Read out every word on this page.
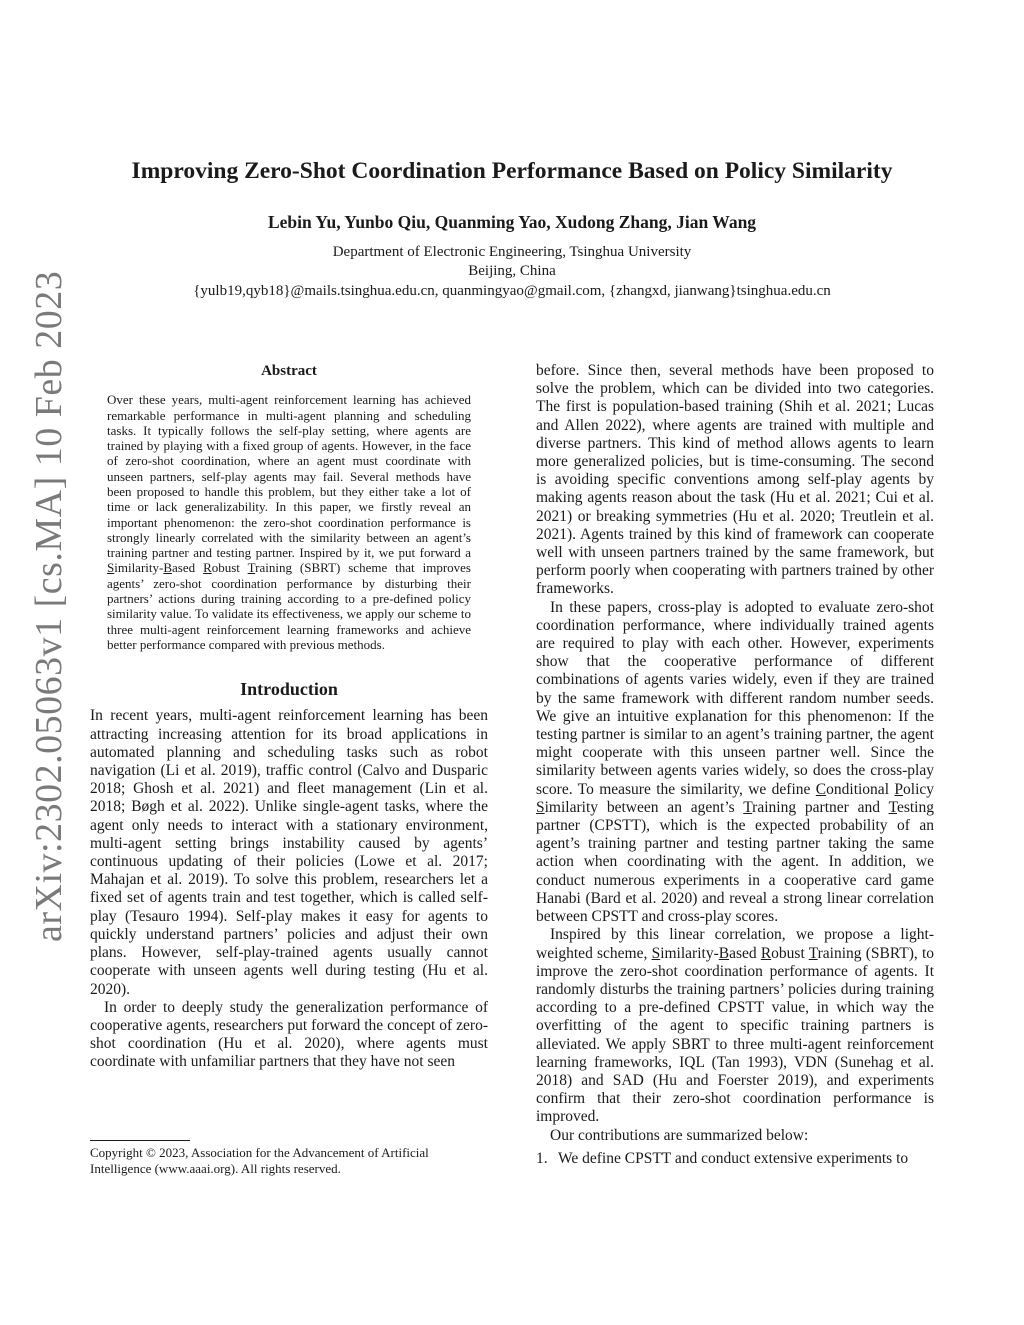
arXiv:2302.05063v1 [cs.MA] 10 Feb 2023
Improving Zero-Shot Coordination Performance Based on Policy Similarity
Lebin Yu, Yunbo Qiu, Quanming Yao, Xudong Zhang, Jian Wang
Department of Electronic Engineering, Tsinghua University
Beijing, China
{yulb19,qyb18}@mails.tsinghua.edu.cn, quanmingyao@gmail.com, {zhangxd, jianwang}tsinghua.edu.cn
Abstract
Over these years, multi-agent reinforcement learning has achieved remarkable performance in multi-agent planning and scheduling tasks. It typically follows the self-play setting, where agents are trained by playing with a fixed group of agents. However, in the face of zero-shot coordination, where an agent must coordinate with unseen partners, self-play agents may fail. Several methods have been proposed to handle this problem, but they either take a lot of time or lack generalizability. In this paper, we firstly reveal an important phenomenon: the zero-shot coordination performance is strongly linearly correlated with the similarity between an agent’s training partner and testing partner. Inspired by it, we put forward a Similarity-Based Robust Training (SBRT) scheme that improves agents’ zero-shot coordination performance by disturbing their partners’ actions during training according to a pre-defined policy similarity value. To validate its effectiveness, we apply our scheme to three multi-agent reinforcement learning frameworks and achieve better performance compared with previous methods.
Introduction

In recent years, multi-agent reinforcement learning has been attracting increasing attention for its broad applications in automated planning and scheduling tasks such as robot navigation (Li et al. 2019), traffic control (Calvo and Dusparic 2018; Ghosh et al. 2021) and fleet management (Lin et al. 2018; Bøgh et al. 2022). Unlike single-agent tasks, where the agent only needs to interact with a stationary environment, multi-agent setting brings instability caused by agents’ continuous updating of their policies (Lowe et al. 2017; Mahajan et al. 2019). To solve this problem, researchers let a fixed set of agents train and test together, which is called self-play (Tesauro 1994). Self-play makes it easy for agents to quickly understand partners’ policies and adjust their own plans. However, self-play-trained agents usually cannot cooperate with unseen agents well during testing (Hu et al. 2020).

In order to deeply study the generalization performance of cooperative agents, researchers put forward the concept of zero-shot coordination (Hu et al. 2020), where agents must coordinate with unfamiliar partners that they have not seen

Copyright © 2023, Association for the Advancement of Artificial Intelligence (www.aaai.org). All rights reserved.

before. Since then, several methods have been proposed to solve the problem, which can be divided into two categories. The first is population-based training (Shih et al. 2021; Lucas and Allen 2022), where agents are trained with multiple and diverse partners. This kind of method allows agents to learn more generalized policies, but is time-consuming. The second is avoiding specific conventions among self-play agents by making agents reason about the task (Hu et al. 2021; Cui et al. 2021) or breaking symmetries (Hu et al. 2020; Treutlein et al. 2021). Agents trained by this kind of framework can cooperate well with unseen partners trained by the same framework, but perform poorly when cooperating with partners trained by other frameworks.

In these papers, cross-play is adopted to evaluate zero-shot coordination performance, where individually trained agents are required to play with each other. However, experiments show that the cooperative performance of different combinations of agents varies widely, even if they are trained by the same framework with different random number seeds. We give an intuitive explanation for this phenomenon: If the testing partner is similar to an agent’s training partner, the agent might cooperate with this unseen partner well. Since the similarity between agents varies widely, so does the cross-play score. To measure the similarity, we define Conditional Policy Similarity between an agent’s Training partner and Testing partner (CPSTT), which is the expected probability of an agent’s training partner and testing partner taking the same action when coordinating with the agent. In addition, we conduct numerous experiments in a cooperative card game Hanabi (Bard et al. 2020) and reveal a strong linear correlation between CPSTT and cross-play scores.

Inspired by this linear correlation, we propose a light-weighted scheme, Similarity-Based Robust Training (SBRT), to improve the zero-shot coordination performance of agents. It randomly disturbs the training partners’ policies during training according to a pre-defined CPSTT value, in which way the overfitting of the agent to specific training partners is alleviated. We apply SBRT to three multi-agent reinforcement learning frameworks, IQL (Tan 1993), VDN (Sunehag et al. 2018) and SAD (Hu and Foerster 2019), and experiments confirm that their zero-shot coordination performance is improved.

Our contributions are summarized below:

1. We define CPSTT and conduct extensive experiments to
